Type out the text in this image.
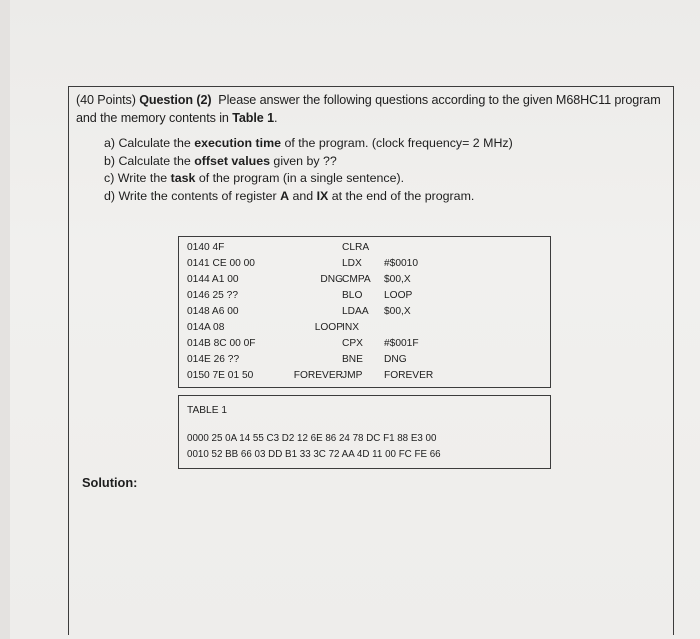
(40 Points) Question (2) Please answer the following questions according to the given M68HC11 program and the memory contents in Table 1.
a) Calculate the execution time of the program. (clock frequency= 2 MHz)
b) Calculate the offset values given by ??
c) Write the task of the program (in a single sentence).
d) Write the contents of register A and IX at the end of the program.
0140 4F	CLRA
0141 CE 00 00	LDX #$0010
0144 A1 00	DNG CMPA $00,X
0146 25 ??	BLO LOOP
0148 A6 00	LDAA $00,X
014A 08	LOOP INX
014B 8C 00 0F	CPX #$001F
014E 26 ??	BNE DNG
0150 7E 01 50	FOREVER JMP FOREVER
TABLE 1
0000 25 0A 14 55 C3 D2 12 6E 86 24 78 DC F1 88 E3 00
0010 52 BB 66 03 DD B1 33 3C 72 AA 4D 11 00 FC FE 66
Solution:
